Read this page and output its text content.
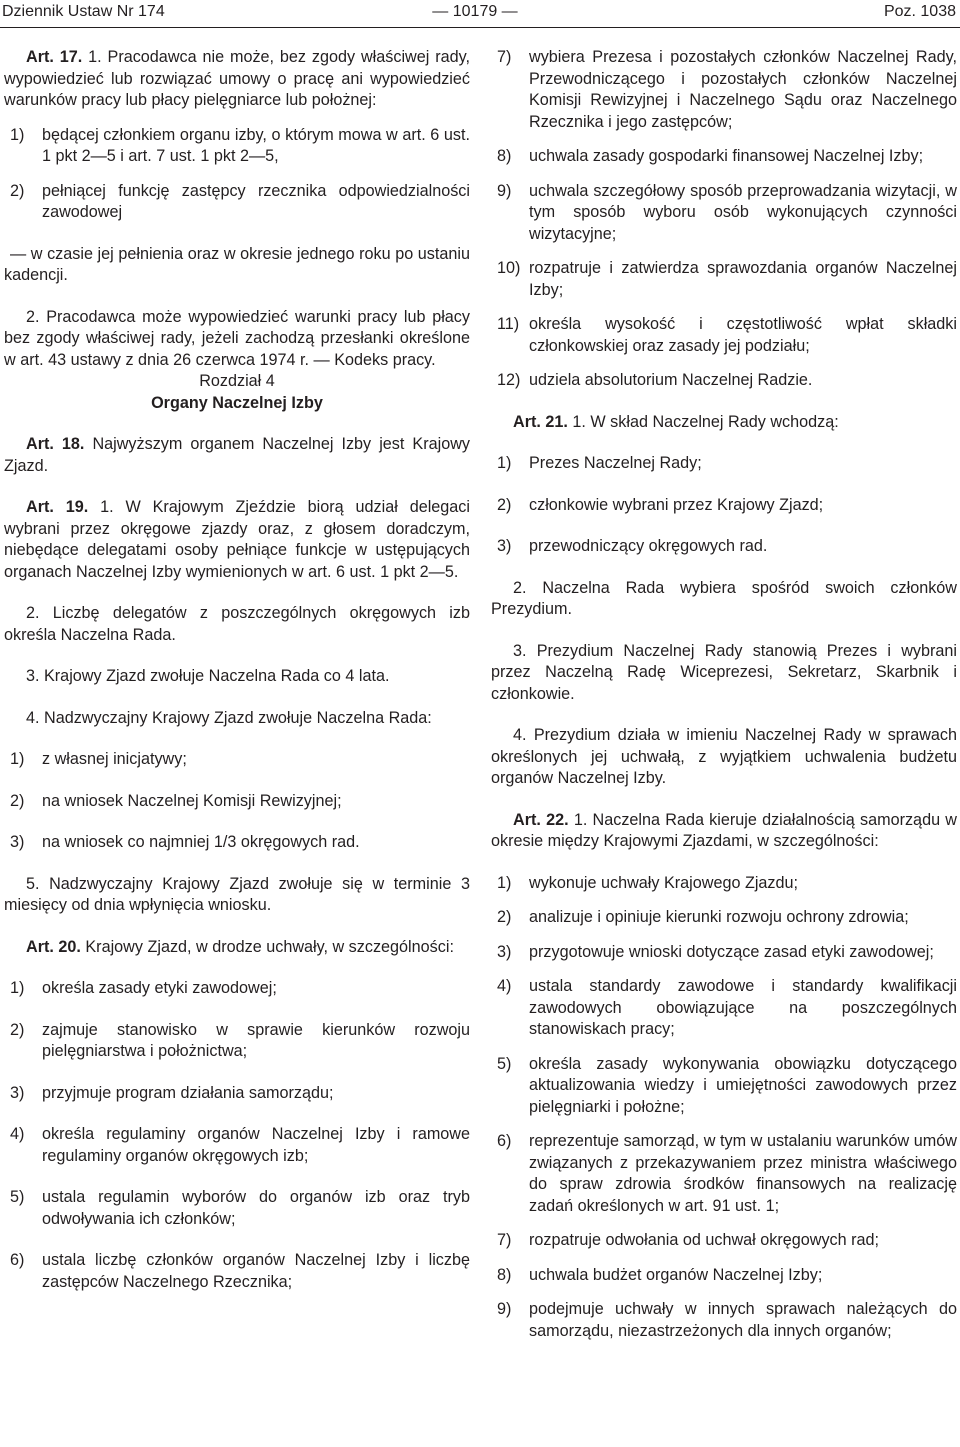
Dziennik Ustaw Nr 174	— 10179 —	Poz. 1038

Art. 17. 1. Pracodawca nie może, bez zgody właściwej rady, wypowiedzieć lub rozwiązać umowy o pracę ani wypowiedzieć warunków pracy lub płacy pielęgniarce lub położnej:

1)	będącej członkiem organu izby, o którym mowa w art. 6 ust. 1 pkt 2—5 i art. 7 ust. 1 pkt 2—5,
2)	pełniącej funkcję zastępcy rzecznika odpowiedzialności zawodowej

— w czasie jej pełnienia oraz w okresie jednego roku po ustaniu kadencji.

2. Pracodawca może wypowiedzieć warunki pracy lub płacy bez zgody właściwej rady, jeżeli zachodzą przesłanki określone w art. 43 ustawy z dnia 26 czerwca 1974 r. — Kodeks pracy.

Rozdział 4

Organy Naczelnej Izby

Art. 18. Najwyższym organem Naczelnej Izby jest Krajowy Zjazd.

Art. 19. 1. W Krajowym Zjeździe biorą udział delegaci wybrani przez okręgowe zjazdy oraz, z głosem doradczym, niebędące delegatami osoby pełniące funkcje w ustępujących organach Naczelnej Izby wymienionych w art. 6 ust. 1 pkt 2—5.

2. Liczbę delegatów z poszczególnych okręgowych izb określa Naczelna Rada.

3. Krajowy Zjazd zwołuje Naczelna Rada co 4 lata.

4. Nadzwyczajny Krajowy Zjazd zwołuje Naczelna Rada:

1)	z własnej inicjatywy;
2)	na wniosek Naczelnej Komisji Rewizyjnej;
3)	na wniosek co najmniej 1/3 okręgowych rad.

5. Nadzwyczajny Krajowy Zjazd zwołuje się w terminie 3 miesięcy od dnia wpłynięcia wniosku.

Art. 20. Krajowy Zjazd, w drodze uchwały, w szczególności:

1)	określa zasady etyki zawodowej;
2)	zajmuje stanowisko w sprawie kierunków rozwoju pielęgniarstwa i położnictwa;
3)	przyjmuje program działania samorządu;
4)	określa regulaminy organów Naczelnej Izby i ramowe regulaminy organów okręgowych izb;
5)	ustala regulamin wyborów do organów izb oraz tryb odwoływania ich członków;
6)	ustala liczbę członków organów Naczelnej Izby i liczbę zastępców Naczelnego Rzecznika;
7)	wybiera Prezesa i pozostałych członków Naczelnej Rady, Przewodniczącego i pozostałych członków Naczelnej Komisji Rewizyjnej i Naczelnego Sądu oraz Naczelnego Rzecznika i jego zastępców;
8)	uchwala zasady gospodarki finansowej Naczelnej Izby;
9)	uchwala szczegółowy sposób przeprowadzania wizytacji, w tym sposób wyboru osób wykonujących czynności wizytacyjne;
10) rozpatruje i zatwierdza sprawozdania organów Naczelnej Izby;
11) określa wysokość i częstotliwość wpłat składki członkowskiej oraz zasady jej podziału;
12) udziela absolutorium Naczelnej Radzie.

Art. 21. 1. W skład Naczelnej Rady wchodzą:

1)	Prezes Naczelnej Rady;
2)	członkowie wybrani przez Krajowy Zjazd;
3)	przewodniczący okręgowych rad.

2. Naczelna Rada wybiera spośród swoich członków Prezydium.

3. Prezydium Naczelnej Rady stanowią Prezes i wybrani przez Naczelną Radę Wiceprezesi, Sekretarz, Skarbnik i członkowie.

4. Prezydium działa w imieniu Naczelnej Rady w sprawach określonych jej uchwałą, z wyjątkiem uchwalenia budżetu organów Naczelnej Izby.

Art. 22. 1. Naczelna Rada kieruje działalnością samorządu w okresie między Krajowymi Zjazdami, w szczególności:

1)	wykonuje uchwały Krajowego Zjazdu;
2)	analizuje i opiniuje kierunki rozwoju ochrony zdrowia;
3)	przygotowuje wnioski dotyczące zasad etyki zawodowej;
4)	ustala standardy zawodowe i standardy kwalifikacji zawodowych obowiązujące na poszczególnych stanowiskach pracy;
5)	określa zasady wykonywania obowiązku dotyczącego aktualizowania wiedzy i umiejętności zawodowych przez pielęgniarki i położne;
6)	reprezentuje samorząd, w tym w ustalaniu warunków umów związanych z przekazywaniem przez ministra właściwego do spraw zdrowia środków finansowych na realizację zadań określonych w art. 91 ust. 1;
7)	rozpatruje odwołania od uchwał okręgowych rad;
8)	uchwala budżet organów Naczelnej Izby;
9)	podejmuje uchwały w innych sprawach należących do samorządu, niezastrzeżonych dla innych organów;
